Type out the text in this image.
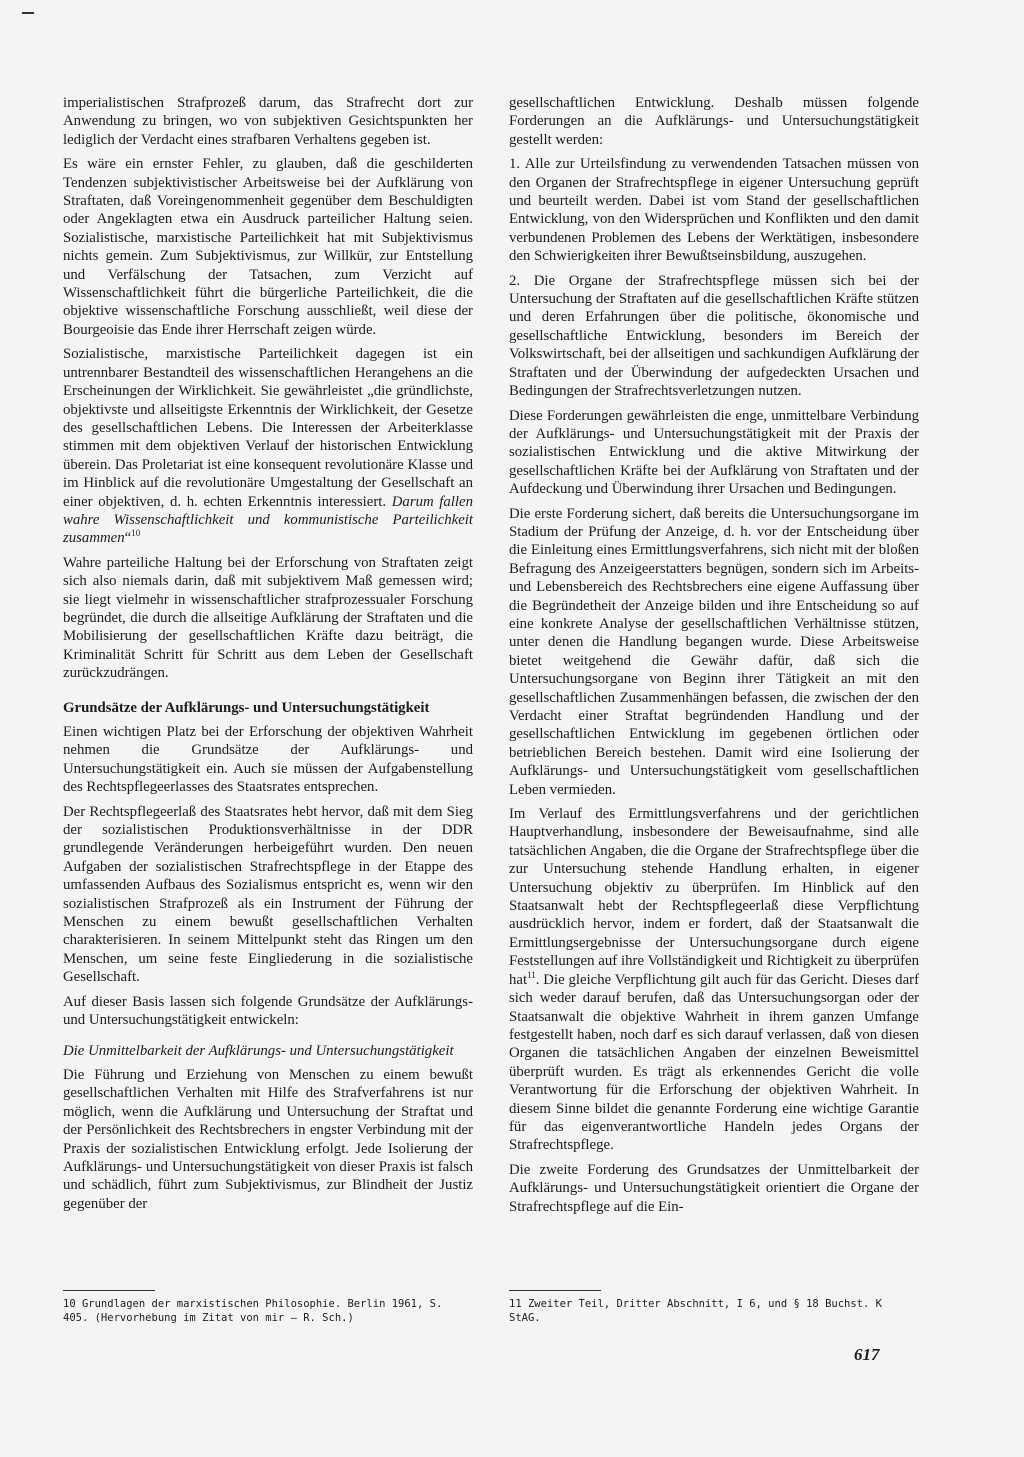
imperialistischen Strafprozeß darum, das Strafrecht dort zur Anwendung zu bringen, wo von subjektiven Gesichtspunkten her lediglich der Verdacht eines strafbaren Verhaltens gegeben ist.

Es wäre ein ernster Fehler, zu glauben, daß die geschilderten Tendenzen subjektivistischer Arbeitsweise bei der Aufklärung von Straftaten, daß Voreingenommenheit gegenüber dem Beschuldigten oder Angeklagten etwa ein Ausdruck parteilicher Haltung seien. Sozialistische, marxistische Parteilichkeit hat mit Subjektivismus nichts gemein. Zum Subjektivismus, zur Willkür, zur Entstellung und Verfälschung der Tatsachen, zum Verzicht auf Wissenschaftlichkeit führt die bürgerliche Parteilichkeit, die die objektive wissenschaftliche Forschung ausschließt, weil diese der Bourgeoisie das Ende ihrer Herrschaft zeigen würde.

Sozialistische, marxistische Parteilichkeit dagegen ist ein untrennbarer Bestandteil des wissenschaftlichen Herangehens an die Erscheinungen der Wirklichkeit. Sie gewährleistet „die gründlichste, objektivste und allseitigste Erkenntnis der Wirklichkeit, der Gesetze des gesellschaftlichen Lebens. Die Interessen der Arbeiterklasse stimmen mit dem objektiven Verlauf der historischen Entwicklung überein. Das Proletariat ist eine konsequent revolutionäre Klasse und im Hinblick auf die revolutionäre Umgestaltung der Gesellschaft an einer objektiven, d. h. echten Erkenntnis interessiert. Darum fallen wahre Wissenschaftlichkeit und kommunistische Parteilichkeit zusammen“$^{10}$

Wahre parteiliche Haltung bei der Erforschung von Straftaten zeigt sich also niemals darin, daß mit subjektivem Maß gemessen wird; sie liegt vielmehr in wissenschaftlicher strafprozessualer Forschung begründet, die durch die allseitige Aufklärung der Straftaten und die Mobilisierung der gesellschaftlichen Kräfte dazu beiträgt, die Kriminalität Schritt für Schritt aus dem Leben der Gesellschaft zurückzudrängen.

Grundsätze der Aufklärungs- und Untersuchungstätigkeit

Einen wichtigen Platz bei der Erforschung der objektiven Wahrheit nehmen die Grundsätze der Aufklärungs- und Untersuchungstätigkeit ein. Auch sie müssen der Aufgabenstellung des Rechtspflegeerlasses des Staatsrates entsprechen.

Der Rechtspflegeerlaß des Staatsrates hebt hervor, daß mit dem Sieg der sozialistischen Produktionsverhältnisse in der DDR grundlegende Veränderungen herbeigeführt wurden. Den neuen Aufgaben der sozialistischen Strafrechtspflege in der Etappe des umfassenden Aufbaus des Sozialismus entspricht es, wenn wir den sozialistischen Strafprozeß als ein Instrument der Führung der Menschen zu einem bewußt gesellschaftlichen Verhalten charakterisieren. In seinem Mittelpunkt steht das Ringen um den Menschen, um seine feste Eingliederung in die sozialistische Gesellschaft.

Auf dieser Basis lassen sich folgende Grundsätze der Aufklärungs- und Untersuchungstätigkeit entwickeln:

Die Unmittelbarkeit der Aufklärungs- und Untersuchungstätigkeit

Die Führung und Erziehung von Menschen zu einem bewußt gesellschaftlichen Verhalten mit Hilfe des Strafverfahrens ist nur möglich, wenn die Aufklärung und Untersuchung der Straftat und der Persönlichkeit des Rechtsbrechers in engster Verbindung mit der Praxis der sozialistischen Entwicklung erfolgt. Jede Isolierung der Aufklärungs- und Untersuchungstätigkeit von dieser Praxis ist falsch und schädlich, führt zum Subjektivismus, zur Blindheit der Justiz gegenüber der

gesellschaftlichen Entwicklung. Deshalb müssen folgende Forderungen an die Aufklärungs- und Untersuchungstätigkeit gestellt werden:

1. Alle zur Urteilsfindung zu verwendenden Tatsachen müssen von den Organen der Strafrechtspflege in eigener Untersuchung geprüft und beurteilt werden. Dabei ist vom Stand der gesellschaftlichen Entwicklung, von den Widersprüchen und Konflikten und den damit verbundenen Problemen des Lebens der Werktätigen, insbesondere den Schwierigkeiten ihrer Bewußtseinsbildung, auszugehen.

2. Die Organe der Strafrechtspflege müssen sich bei der Untersuchung der Straftaten auf die gesellschaftlichen Kräfte stützen und deren Erfahrungen über die politische, ökonomische und gesellschaftliche Entwicklung, besonders im Bereich der Volkswirtschaft, bei der allseitigen und sachkundigen Aufklärung der Straftaten und der Überwindung der aufgedeckten Ursachen und Bedingungen der Strafrechtsverletzungen nutzen.

Diese Forderungen gewährleisten die enge, unmittelbare Verbindung der Aufklärungs- und Untersuchungstätigkeit mit der Praxis der sozialistischen Entwicklung und die aktive Mitwirkung der gesellschaftlichen Kräfte bei der Aufklärung von Straftaten und der Aufdeckung und Überwindung ihrer Ursachen und Bedingungen.

Die erste Forderung sichert, daß bereits die Untersuchungsorgane im Stadium der Prüfung der Anzeige, d. h. vor der Entscheidung über die Einleitung eines Ermittlungsverfahrens, sich nicht mit der bloßen Befragung des Anzeigeerstatters begnügen, sondern sich im Arbeits- und Lebensbereich des Rechtsbrechers eine eigene Auffassung über die Begründetheit der Anzeige bilden und ihre Entscheidung so auf eine konkrete Analyse der gesellschaftlichen Verhältnisse stützen, unter denen die Handlung begangen wurde. Diese Arbeitsweise bietet weitgehend die Gewähr dafür, daß sich die Untersuchungsorgane von Beginn ihrer Tätigkeit an mit den gesellschaftlichen Zusammenhängen befassen, die zwischen der den Verdacht einer Straftat begründenden Handlung und der gesellschaftlichen Entwicklung im gegebenen örtlichen oder betrieblichen Bereich bestehen. Damit wird eine Isolierung der Aufklärungs- und Untersuchungstätigkeit vom gesellschaftlichen Leben vermieden.

Im Verlauf des Ermittlungsverfahrens und der gerichtlichen Hauptverhandlung, insbesondere der Beweisaufnahme, sind alle tatsächlichen Angaben, die die Organe der Strafrechtspflege über die zur Untersuchung stehende Handlung erhalten, in eigener Untersuchung objektiv zu überprüfen. Im Hinblick auf den Staatsanwalt hebt der Rechtspflegeerlaß diese Verpflichtung ausdrücklich hervor, indem er fordert, daß der Staatsanwalt die Ermittlungsergebnisse der Untersuchungsorgane durch eigene Feststellungen auf ihre Vollständigkeit und Richtigkeit zu überprüfen hat$^{11}$. Die gleiche Verpflichtung gilt auch für das Gericht. Dieses darf sich weder darauf berufen, daß das Untersuchungsorgan oder der Staatsanwalt die objektive Wahrheit in ihrem ganzen Umfange festgestellt haben, noch darf es sich darauf verlassen, daß von diesen Organen die tatsächlichen Angaben der einzelnen Beweismittel überprüft wurden. Es trägt als erkennendes Gericht die volle Verantwortung für die Erforschung der objektiven Wahrheit. In diesem Sinne bildet die genannte Forderung eine wichtige Garantie für das eigenverantwortliche Handeln jedes Organs der Strafrechtspflege.

Die zweite Forderung des Grundsatzes der Unmittelbarkeit der Aufklärungs- und Untersuchungstätigkeit orientiert die Organe der Strafrechtspflege auf die Ein-

10 Grundlagen der marxistischen Philosophie. Berlin 1961, S. 405. (Hervorhebung im Zitat von mir – R. Sch.)
11 Zweiter Teil, Dritter Abschnitt, I 6, und § 18 Buchst. K StAG.
617
